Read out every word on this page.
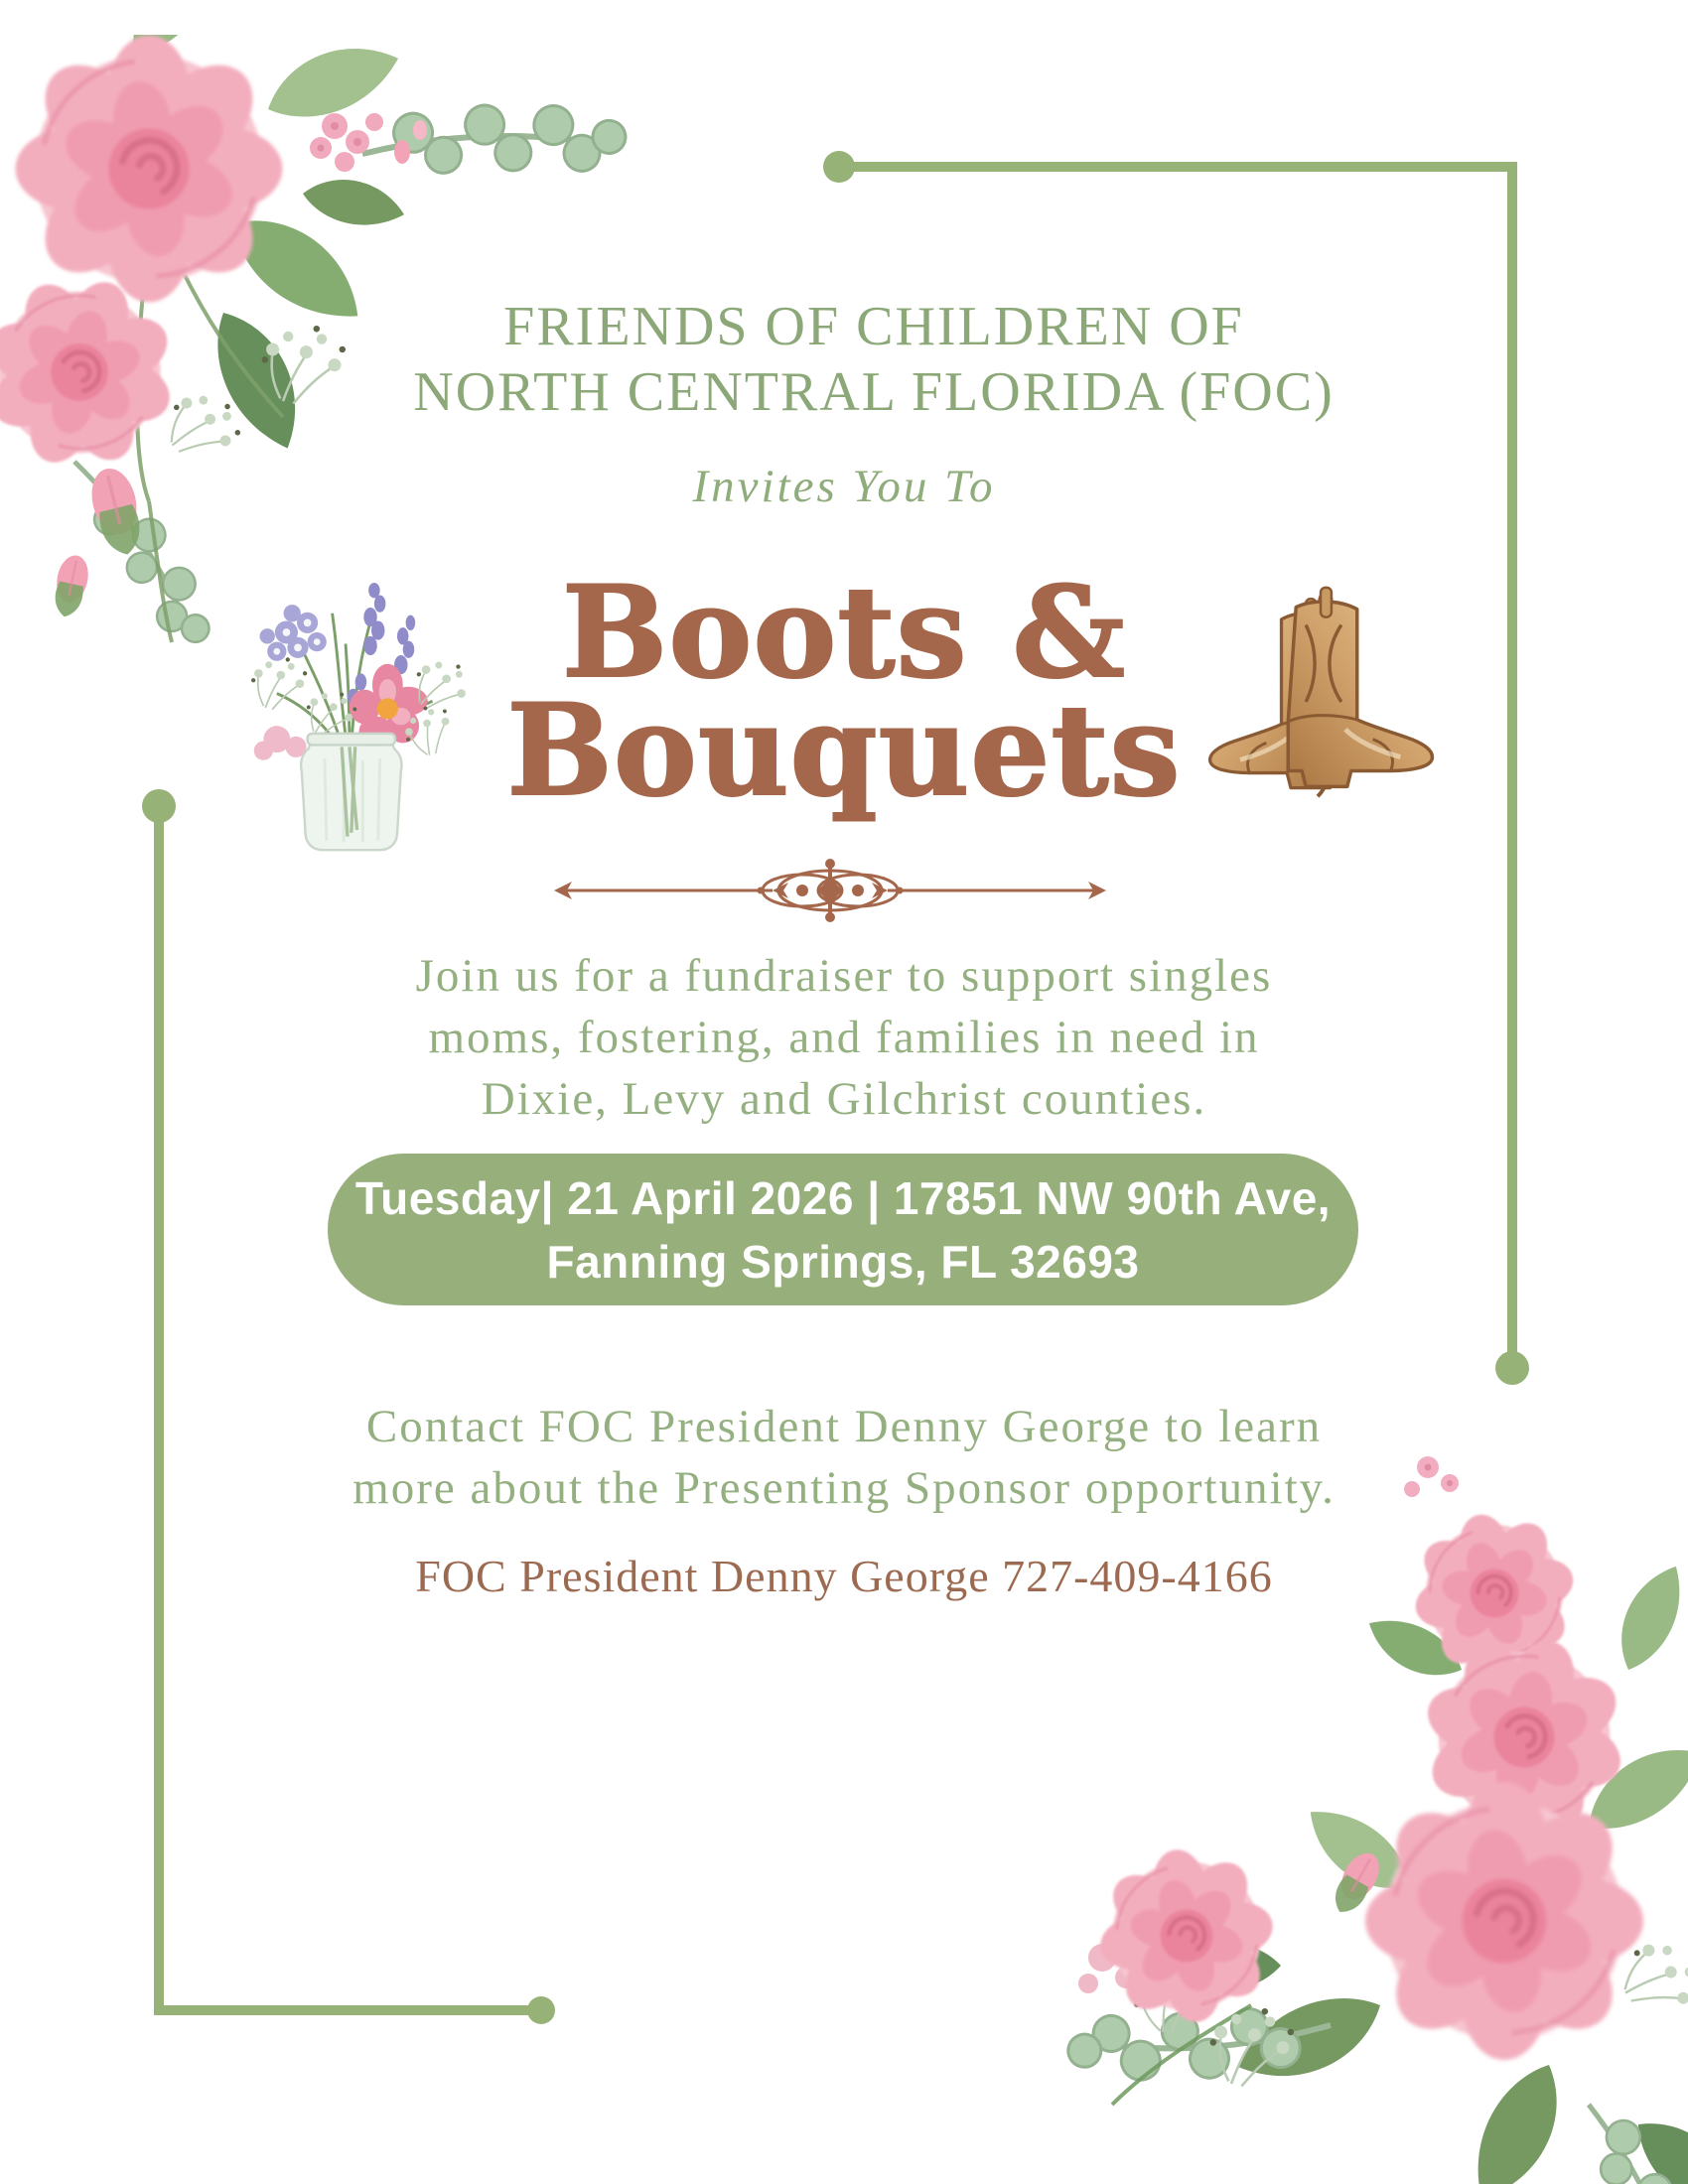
FRIENDS OF CHILDREN OF
NORTH CENTRAL FLORIDA (FOC)
Invites You To
Boots &
Bouquets
Join us for a fundraiser to support singles
moms, fostering, and families in need in
Dixie, Levy and Gilchrist counties.
Tuesday| 21 April 2026 | 17851 NW 90th Ave,
Fanning Springs, FL 32693
Contact FOC President Denny George to learn
more about the Presenting Sponsor opportunity.
FOC President Denny George 727-409-4166
